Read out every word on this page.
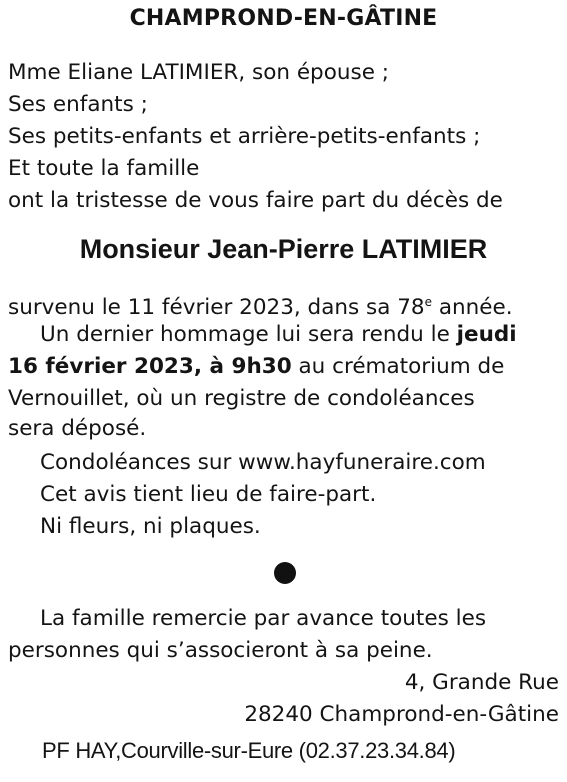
CHAMPROND-EN-GÂTINE
Mme Eliane LATIMIER, son épouse ;
Ses enfants ;
Ses petits-enfants et arrière-petits-enfants ;
Et toute la famille
ont la tristesse de vous faire part du décès de
Monsieur Jean-Pierre LATIMIER
survenu le 11 février 2023, dans sa 78e année.
Un dernier hommage lui sera rendu le jeudi
16 février 2023, à 9h30 au crématorium de
Vernouillet, où un registre de condoléances
sera déposé.
Condoléances sur www.hayfuneraire.com
Cet avis tient lieu de faire-part.
Ni fleurs, ni plaques.
La famille remercie par avance toutes les
personnes qui s’associeront à sa peine.
4, Grande Rue
28240 Champrond-en-Gâtine
PF HAY,Courville-sur-Eure (02.37.23.34.84)
